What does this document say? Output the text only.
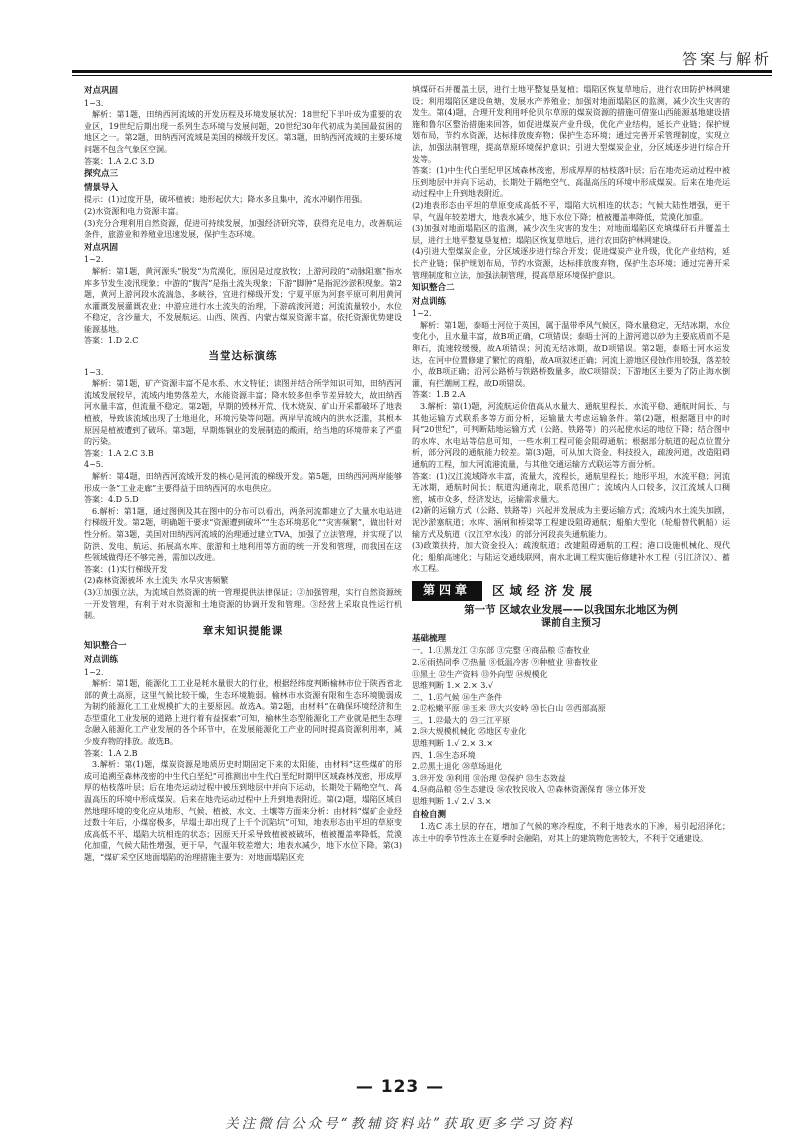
答案与解析

对点巩固

1~3.

解析：第1题，田纳西河流域的开发历程及环境发展状况：18世纪下半叶成为重要的农业区，19世纪后期出现一系列生态环境与发展问题，20世纪30年代初成为美国最贫困的地区之一。第2题，田纳西河流域是美国的梯级开发区。第3题，田纳西河流域的主要环境问题不包含气象区空洞。

答案：1.A 2.C 3.D

探究点三

情景导入

提示：(1)过度开垦，破坏植被；地形起伏大；降水多且集中，流水冲刷作用强。

(2)水资源和电力资源丰富。

(3)充分合理利用自然资源，促进可持续发展，加强经济研究等，获得充足电力，改善航运条件，旅游业和养殖业迅速发展，保护生态环境。

对点巩固

1~2.

解析：第1题，黄河源头“脱发”为荒漠化，原因是过度放牧；上游河段的“动脉阻塞”指水库多节发生凌汛现象；中游的“腹泻”是指土流失现象；下游“脚肿”是指泥沙淤积现象。第2题，黄河上游河段水流湍急，多峡谷，宜进行梯级开发；宁夏平原为河套平原可利用黄河水灌溉发展灌溉农业；中游应进行水土流失的治理，下游疏浚河道；河流流量较小，水位不稳定，含沙量大，不发展航运。山西、陕西、内蒙古煤炭资源丰富，依托资源优势建设能源基地。

答案：1.D 2.C

当堂达标演练

1~3.

解析：第1题，矿产资源丰富不是水系、水文特征；读图并结合所学知识可知，田纳西河流域发展较早，流域内地势落差大，水能资源丰富；降水较多但季节差异较大，故田纳西河水量丰富，但流量不稳定。第2题，早期的毁林开荒、伐木烧炭、矿山开采都破坏了地表植被，导致该流域出现了土地退化，环境污染等问题。两岸早流域内的洪水泛滥，其根本原因是植被遭到了破坏。第3题，早期炼铜业的发展制造的酸雨，给当地的环境带来了严重的污染。

答案：1.A 2.C 3.B

4~5.

解析：第4题，田纳西河流域开发的核心是河流的梯级开发。第5题，田纳西河两岸能够形成一条“工业走廊”主要得益于田纳西河的水电供应。

答案：4.D 5.D

6.解析：第1题，通过图例及其在图中的分布可以看出，两条河流都建立了大量水电站进行梯级开发。第2题，明确题干要求“资源遭到破坏”“生态环境恶化”“灾害频繁”，做出针对性分析。第3题，美国对田纳西河流域的治理通过建立TVA，加强了立法管理，并实现了以防洪、发电、航运、拓展高水库、旅游和土地利用等方面的统一开发和管理，而我国在这些领域做得还不够完善，需加以改进。

答案：(1)实行梯级开发

(2)森林资源被坏 水土流失 水旱灾害频繁

(3)①加强立法，为流域自然资源的统一管理提供法律保证；②加强管理，实行自然资源统一开发管理，有利于对水资源和土地资源的协调开发和管理。③经营上采取良性运行机制。

章末知识提能课

知识整合一

对点训练

1~2.

解析：第1题，能源化工工业是耗水量很大的行业，根据经纬度判断榆林市位于陕西省北部的黄土高原，这里气候比较干燥，生态环境脆弱。榆林市水资源有限和生态环境脆弱成为制约能源化工工业规模扩大的主要原因。故选A。第2题，由材料“在确保环境经济和生态型重化工业发展的道路上进行着有益探索”可知，榆林生态型能源化工产业就是把生态理念融入能源化工产业发展的各个环节中，在发展能源化工产业的同时提高资源利用率，减少废弃物的排放。故选B。

答案：1.A 2.B

3.解析：第(1)题，煤炭资源是地质历史时期固定下来的太阳能，由材料“这些煤矿的形成可追溯至森林茂密的中生代白垩纪”可推测出中生代白垩纪时期甲区域森林茂密，形成厚厚的枯枝落叶层；后在地壳运动过程中被压到地层中并向下运动，长期处于隔绝空气、高温高压的环境中形成煤炭。后来在地壳运动过程中上升到地表附近。第(2)题，塌陷区域自然地理环境的变化应从地形、气候、植被、水文、土壤等方面来分析：由材料“煤矿企业经过数十年后，小煤窑极多，早塌土却出现了上千个沉陷坑”可知，地表形态由平坦的草原变成高低不平、塌陷大坑相连的状态；因原天开采导致植被被破坏，植被覆盖率降低，荒漠化加重，气候大陆性增强，更干旱，气温年较差增大；地表水减少，地下水位下降。第(3)题，“煤矿采空区地面塌陷的治理措施主要为：对地面塌陷区充

填煤矸石并覆盖土层，进行土地平整复垦复植；塌陷区恢复草地后，进行农田防护林网建设；利用塌陷区建设鱼塘，发展水产养殖业；加强对地面塌陷区的监测，减少次生灾害的发生。第(4)题，合理开发利用呼伦贝尔草原的煤炭资源的措施可借鉴山西能源基地建设措施和鲁尔区整治措施来回答，如促进煤炭产业升级，优化产业结构，延长产业链；保护规划布局，节约水资源，达标排放废弃物；保护生态环境；通过完善开采管理制度，实现立法，加强法制管理，提高草原环境保护意识；引进大型煤炭企业，分区域逐步进行综合开发等。

答案：(1)中生代白垩纪甲区域森林茂密，形成厚厚的枯枝落叶层；后在地壳运动过程中被压到地层中并向下运动，长期处于隔绝空气、高温高压的环境中形成煤炭。后来在地壳运动过程中上升到地表附近。

(2)地表形态由平坦的草原变成高低不平，塌陷大坑相连的状态；气候大陆性增强，更干旱，气温年较差增大，地表水减少，地下水位下降；植被覆盖率降低，荒漠化加重。

(3)加强对地面塌陷区的监测，减少次生灾害的发生；对地面塌陷区充填煤矸石并覆盖土层，进行土地平整复垦复植；塌陷区恢复草地后，进行农田防护林网建设。

(4)引进大型煤炭企业，分区域逐步进行综合开发；促进煤炭产业升级，优化产业结构，延长产业链；保护规划布局，节约水资源，达标排放废弃物，保护生态环境；通过完善开采管理制度和立法，加强法制管理，提高草原环境保护意识。

知识整合二

对点训练

1~2.

解析：第1题，泰晤士河位于英国，属于温带季风气候区，降水量稳定，无结冰期，水位变化小，且水量丰富，故B项正确，C项错误；泰晤士河的上游河道以砂为主要底质而不是卵石，流速较缓慢，故A项错误；河流无结冰期，故D项错误。第2题，泰晤士河水运发达，在河中位置修建了繁忙的商船，故A项叙述正确；河流上游地区侵蚀作用较强，落差较小，故B项正确；沿河公路桥与铁路桥数量多，故C项错误；下游地区主要为了防止海水倒灌，有拦潮闸工程，故D项错误。

答案：1.B 2.A

3.解析：第(1)题，河流航运价值高从水量大、通航里程长、水流平稳、通航时间长、与其他运输方式联系多等方面分析，运输量大考虑运输条件。第(2)题，根据题目中的时间“20世纪”，可判断陆地运输方式（公路、铁路等）的兴起使水运的地位下降；结合图中的水库、水电站等信息可知，一些水利工程可能会阻碍通航；根据部分航道的起点位置分析，部分河段的通航能力较差。第(3)题，可从加大资金、科技投入，疏浚河道，改造阻碍通航的工程，加大河流港流量，与其他交通运输方式联运等方面分析。

答案：(1)汉江流域降水丰富，流量大，流程长，通航里程长；地形平坦，水流平稳；河流无冰期，通航时间长；航道沟通南北，联系范围广；流域内人口较多，汉江流域人口稠密，城市众多，经济发达，运输需求量大。

(2)新的运输方式（公路、铁路等）兴起并发展成为主要运输方式；流域内水土流失加剧，泥沙淤塞航道；水库、涵闸和桥梁等工程建设阻碍通航；船舶大型化（轮船替代帆船）运输方式及航道（汉江窄水浅）的部分河段丧失通航能力。

(3)政策扶持，加大资金投入；疏浚航道；改建阻碍通航的工程；港口设施机械化、现代化；船舶高速化；与陆运交通线联网，南水北调工程实施后修建补水工程（引江济汉）、蓄水工程。

第四章	区域经济发展

第一节 区域农业发展——以我国东北地区为例

课前自主预习

基础梳理

一、1.①黑龙江 ②东部 ③完整 ④商品粮 ⑤畜牧业

2.⑥雨热同季 ⑦热量 ⑧低温冷害 ⑨种植业 ⑩畜牧业

⑪黑土 ⑫生产资料 ⑬外向型 ⑭规模化

思维判断 1.× 2.× 3.√

二、1.⑮气候 ⑯生产条件

2.⑰松嫩平原 ⑱玉米 ⑲大兴安岭 ⑳长白山 ㉑西部高原

三、1.㉒最大的 ㉓三江平原

2.㉔大规模机械化 ㉕地区专业化

思维判断 1.√ 2.× 3.×

四、1.㉖生态环境

2.㉗黑土退化 ㉘草场退化

3.㉙开发 ㉚利用 ㉛治理 ㉜保护 ㉝生态效益

4.㉞商品粮 ㉟生态建设 ㊱农牧民收入 ㊲森林资源保育 ㊳立体开发

思维判断 1.√ 2.√ 3.×

自检自测

1.选C 冻土层的存在，增加了气候的寒冷程度，不利于地表水的下渗，易引起沼泽化；冻土中的季节性冻土在夏季时会融陷，对其上的建筑物危害较大，不利于交通建设。

— 123 —
关注微信公众号“教辅资料站”获取更多学习资料
